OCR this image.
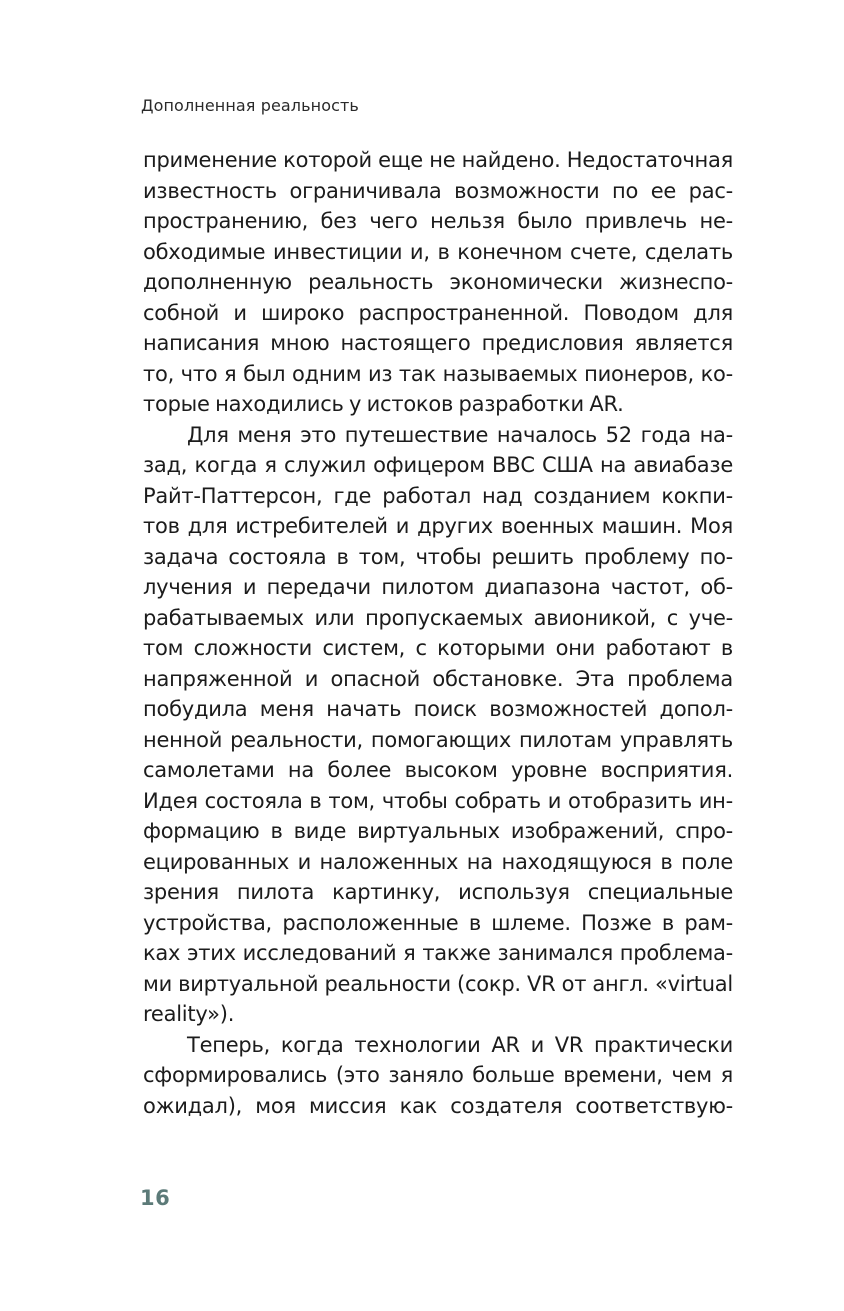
Дополненная реальность
применение которой еще не найдено. Недостаточная
известность ограничивала возможности по ее рас-
пространению, без чего нельзя было привлечь не-
обходимые инвестиции и, в конечном счете, сделать
дополненную реальность экономически жизнеспо-
собной и широко распространенной. Поводом для
написания мною настоящего предисловия является
то, что я был одним из так называемых пионеров, ко-
торые находились у истоков разработки AR.
Для меня это путешествие началось 52 года на-
зад, когда я служил офицером ВВС США на авиабазе
Райт-Паттерсон, где работал над созданием кокпи-
тов для истребителей и других военных машин. Моя
задача состояла в том, чтобы решить проблему по-
лучения и передачи пилотом диапазона частот, об-
рабатываемых или пропускаемых авионикой, с уче-
том сложности систем, с которыми они работают в
напряженной и опасной обстановке. Эта проблема
побудила меня начать поиск возможностей допол-
ненной реальности, помогающих пилотам управлять
самолетами на более высоком уровне восприятия.
Идея состояла в том, чтобы собрать и отобразить ин-
формацию в виде виртуальных изображений, спро-
ецированных и наложенных на находящуюся в поле
зрения пилота картинку, используя специальные
устройства, расположенные в шлеме. Позже в рам-
ках этих исследований я также занимался проблема-
ми виртуальной реальности (сокр. VR от англ. «virtual
reality»).
Теперь, когда технологии AR и VR практически
сформировались (это заняло больше времени, чем я
ожидал), моя миссия как создателя соответствую-
16
